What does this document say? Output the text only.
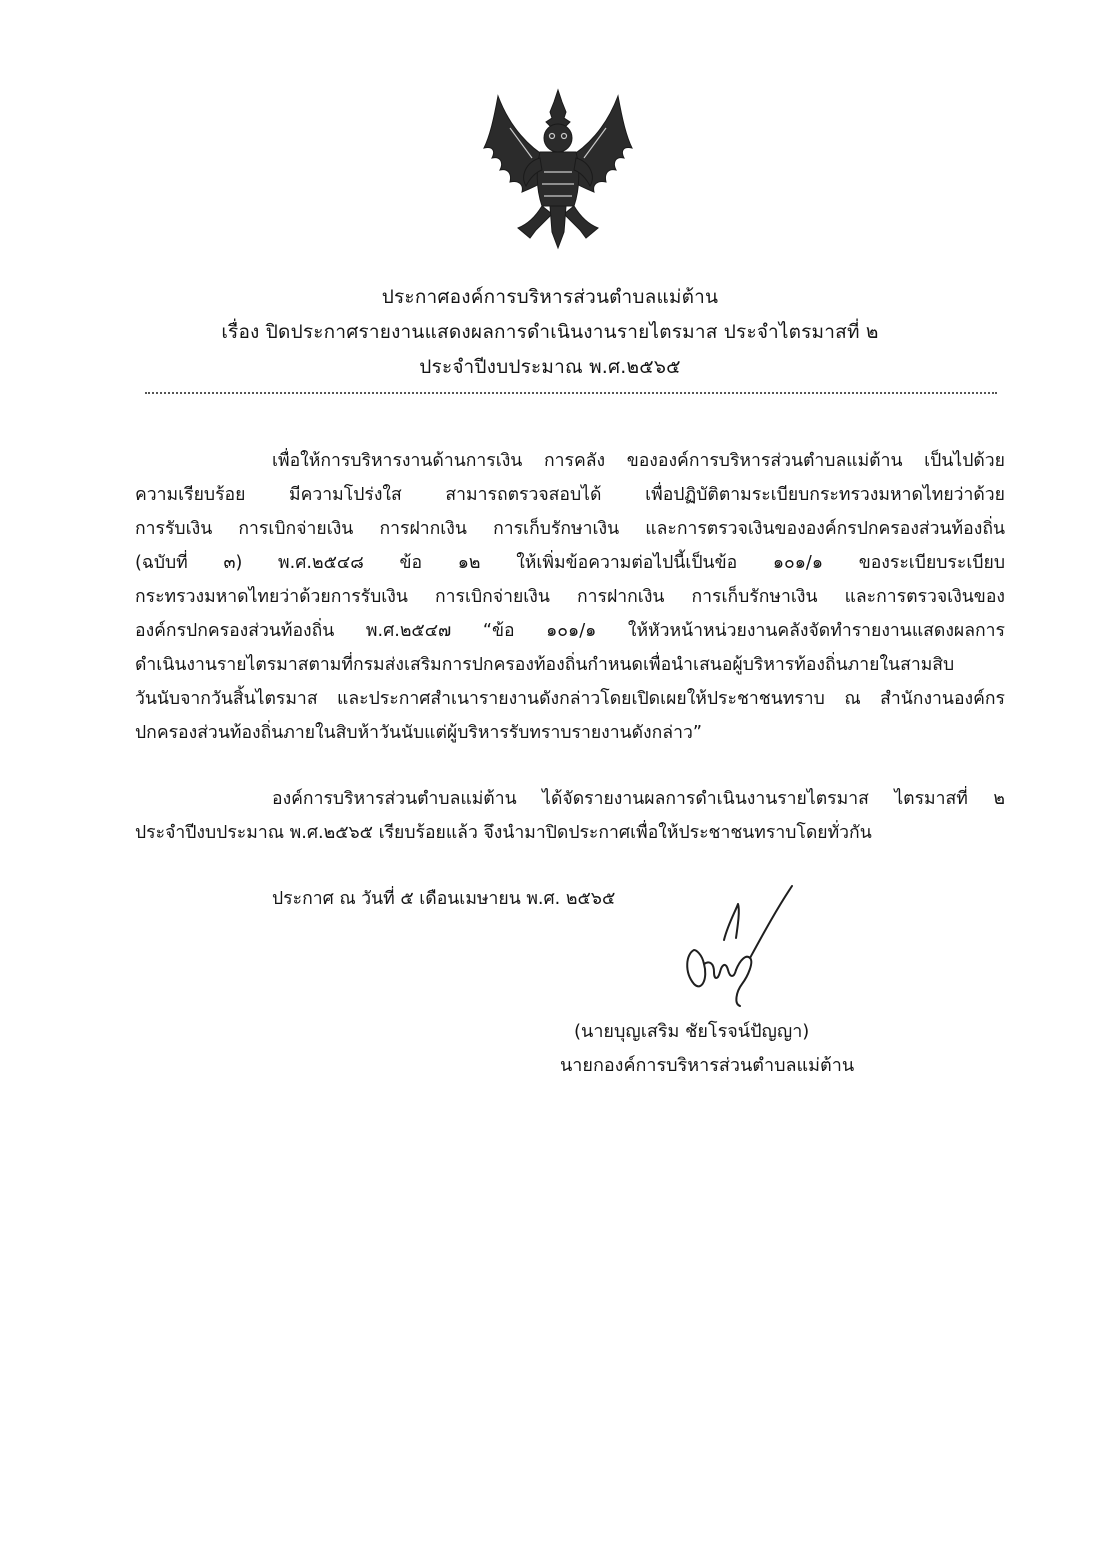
ประกาศองค์การบริหารส่วนตำบลแม่ต้าน
เรื่อง ปิดประกาศรายงานแสดงผลการดำเนินงานรายไตรมาส ประจำไตรมาสที่ ๒
ประจำปีงบประมาณ พ.ศ.๒๕๖๕
เพื่อให้การบริหารงานด้านการเงิน การคลัง ขององค์การบริหารส่วนตำบลแม่ต้าน เป็นไปด้วย
ความเรียบร้อย มีความโปร่งใส สามารถตรวจสอบได้ เพื่อปฏิบัติตามระเบียบกระทรวงมหาดไทยว่าด้วย
การรับเงิน การเบิกจ่ายเงิน การฝากเงิน การเก็บรักษาเงิน และการตรวจเงินขององค์กรปกครองส่วนท้องถิ่น
(ฉบับที่ ๓) พ.ศ.๒๕๔๘ ข้อ ๑๒ ให้เพิ่มข้อความต่อไปนี้เป็นข้อ ๑๐๑/๑ ของระเบียบระเบียบ
กระทรวงมหาดไทยว่าด้วยการรับเงิน การเบิกจ่ายเงิน การฝากเงิน การเก็บรักษาเงิน และการตรวจเงินของ
องค์กรปกครองส่วนท้องถิ่น พ.ศ.๒๕๔๗ “ข้อ ๑๐๑/๑ ให้หัวหน้าหน่วยงานคลังจัดทำรายงานแสดงผลการ
ดำเนินงานรายไตรมาสตามที่กรมส่งเสริมการปกครองท้องถิ่นกำหนดเพื่อนำเสนอผู้บริหารท้องถิ่นภายในสามสิบ
วันนับจากวันสิ้นไตรมาส และประกาศสำเนารายงานดังกล่าวโดยเปิดเผยให้ประชาชนทราบ ณ สำนักงานองค์กร
ปกครองส่วนท้องถิ่นภายในสิบห้าวันนับแต่ผู้บริหารรับทราบรายงานดังกล่าว”
องค์การบริหารส่วนตำบลแม่ต้าน ได้จัดรายงานผลการดำเนินงานรายไตรมาส ไตรมาสที่ ๒
ประจำปีงบประมาณ พ.ศ.๒๕๖๕ เรียบร้อยแล้ว จึงนำมาปิดประกาศเพื่อให้ประชาชนทราบโดยทั่วกัน
ประกาศ ณ วันที่ ๕ เดือนเมษายน พ.ศ. ๒๕๖๕
(นายบุญเสริม ชัยโรจน์ปัญญา)
นายกองค์การบริหารส่วนตำบลแม่ต้าน
